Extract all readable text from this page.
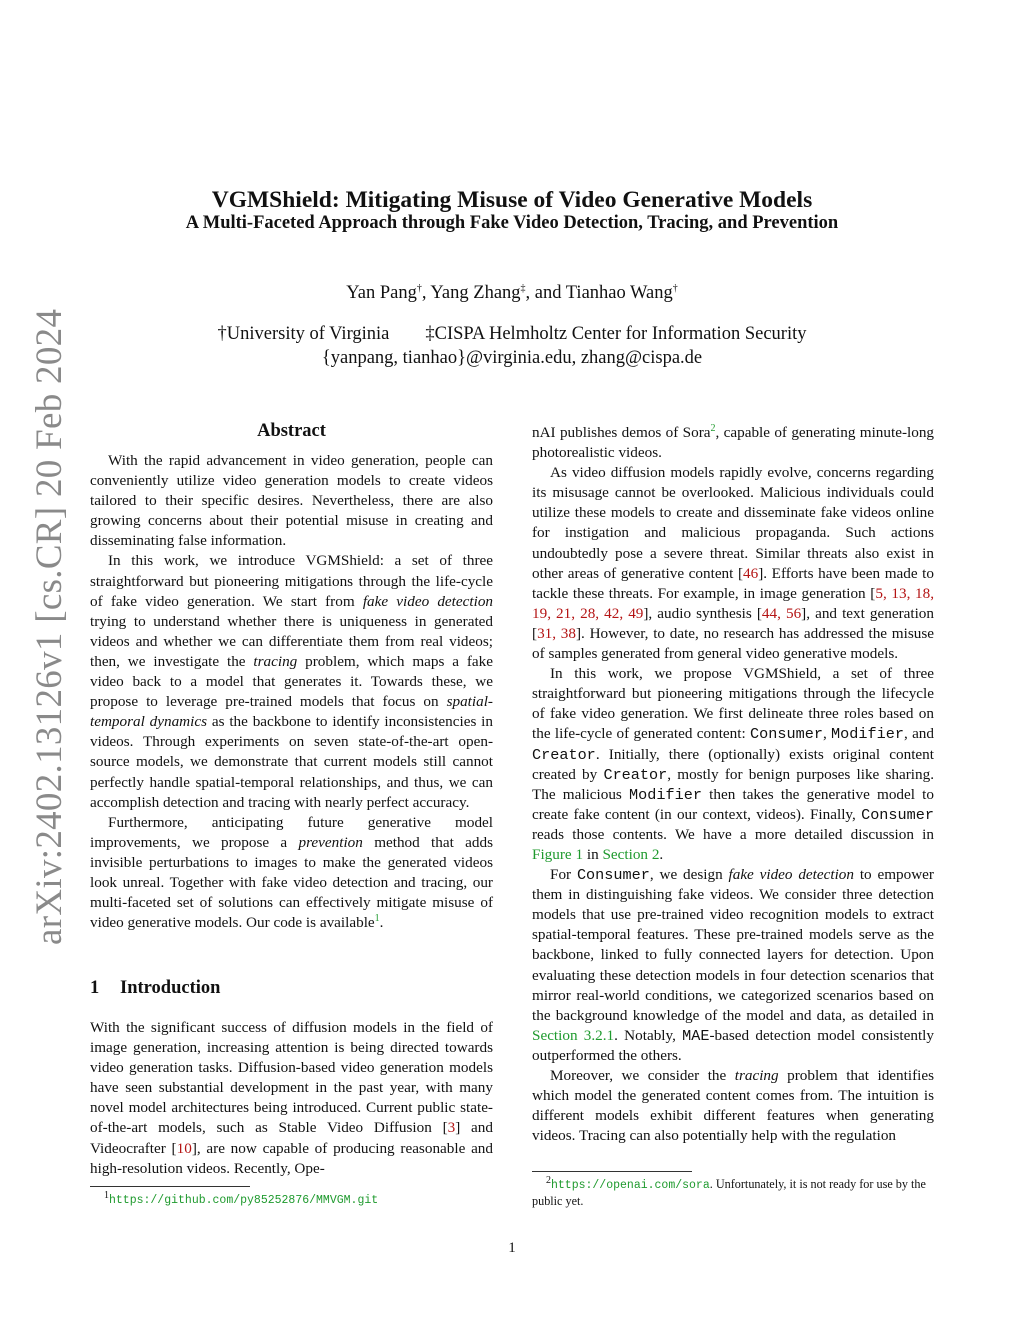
arXiv:2402.13126v1 [cs.CR] 20 Feb 2024
VGMShield: Mitigating Misuse of Video Generative Models
A Multi-Faceted Approach through Fake Video Detection, Tracing, and Prevention
Yan Pang†, Yang Zhang‡, and Tianhao Wang†
†University of Virginia ‡CISPA Helmholtz Center for Information Security
{yanpang, tianhao}@virginia.edu, zhang@cispa.de
Abstract

With the rapid advancement in video generation, people can conveniently utilize video generation models to create videos tailored to their specific desires. Nevertheless, there are also growing concerns about their potential misuse in creating and disseminating false information.

In this work, we introduce VGMShield: a set of three straightforward but pioneering mitigations through the life-cycle of fake video generation. We start from fake video detection trying to understand whether there is uniqueness in generated videos and whether we can differentiate them from real videos; then, we investigate the tracing problem, which maps a fake video back to a model that generates it. Towards these, we propose to leverage pre-trained models that focus on spatial-temporal dynamics as the backbone to identify inconsistencies in videos. Through experiments on seven state-of-the-art open-source models, we demonstrate that current models still cannot perfectly handle spatial-temporal relationships, and thus, we can accomplish detection and tracing with nearly perfect accuracy.

Furthermore, anticipating future generative model improvements, we propose a prevention method that adds invisible perturbations to images to make the generated videos look unreal. Together with fake video detection and tracing, our multi-faceted set of solutions can effectively mitigate misuse of video generative models. Our code is available$^1$.

1 Introduction

With the significant success of diffusion models in the field of image generation, increasing attention is being directed towards video generation tasks. Diffusion-based video generation models have seen substantial development in the past year, with many novel model architectures being introduced. Current public state-of-the-art models, such as Stable Video Diffusion [3] and Videocrafter [10], are now capable of producing reasonable and high-resolution videos. Recently, Ope-

$^1$https://github.com/py85252876/MMVGM.git

nAI publishes demos of Sora$^2$, capable of generating minute-long photorealistic videos.

As video diffusion models rapidly evolve, concerns regarding its misusage cannot be overlooked. Malicious individuals could utilize these models to create and disseminate fake videos online for instigation and malicious propaganda. Such actions undoubtedly pose a severe threat. Similar threats also exist in other areas of generative content [46]. Efforts have been made to tackle these threats. For example, in image generation [5, 13, 18, 19, 21, 28, 42, 49], audio synthesis [44, 56], and text generation [31, 38]. However, to date, no research has addressed the misuse of samples generated from general video generative models.

In this work, we propose VGMShield, a set of three straightforward but pioneering mitigations through the lifecycle of fake video generation. We first delineate three roles based on the life-cycle of generated content: Consumer, Modifier, and Creator. Initially, there (optionally) exists original content created by Creator, mostly for benign purposes like sharing. The malicious Modifier then takes the generative model to create fake content (in our context, videos). Finally, Consumer reads those contents. We have a more detailed discussion in Figure 1 in Section 2.

For Consumer, we design fake video detection to empower them in distinguishing fake videos. We consider three detection models that use pre-trained video recognition models to extract spatial-temporal features. These pre-trained models serve as the backbone, linked to fully connected layers for detection. Upon evaluating these detection models in four detection scenarios that mirror real-world conditions, we categorized scenarios based on the background knowledge of the model and data, as detailed in Section 3.2.1. Notably, MAE-based detection model consistently outperformed the others.

Moreover, we consider the tracing problem that identifies which model the generated content comes from. The intuition is different models exhibit different features when generating videos. Tracing can also potentially help with the regulation

$^2$https://openai.com/sora. Unfortunately, it is not ready for use by the public yet.
1
